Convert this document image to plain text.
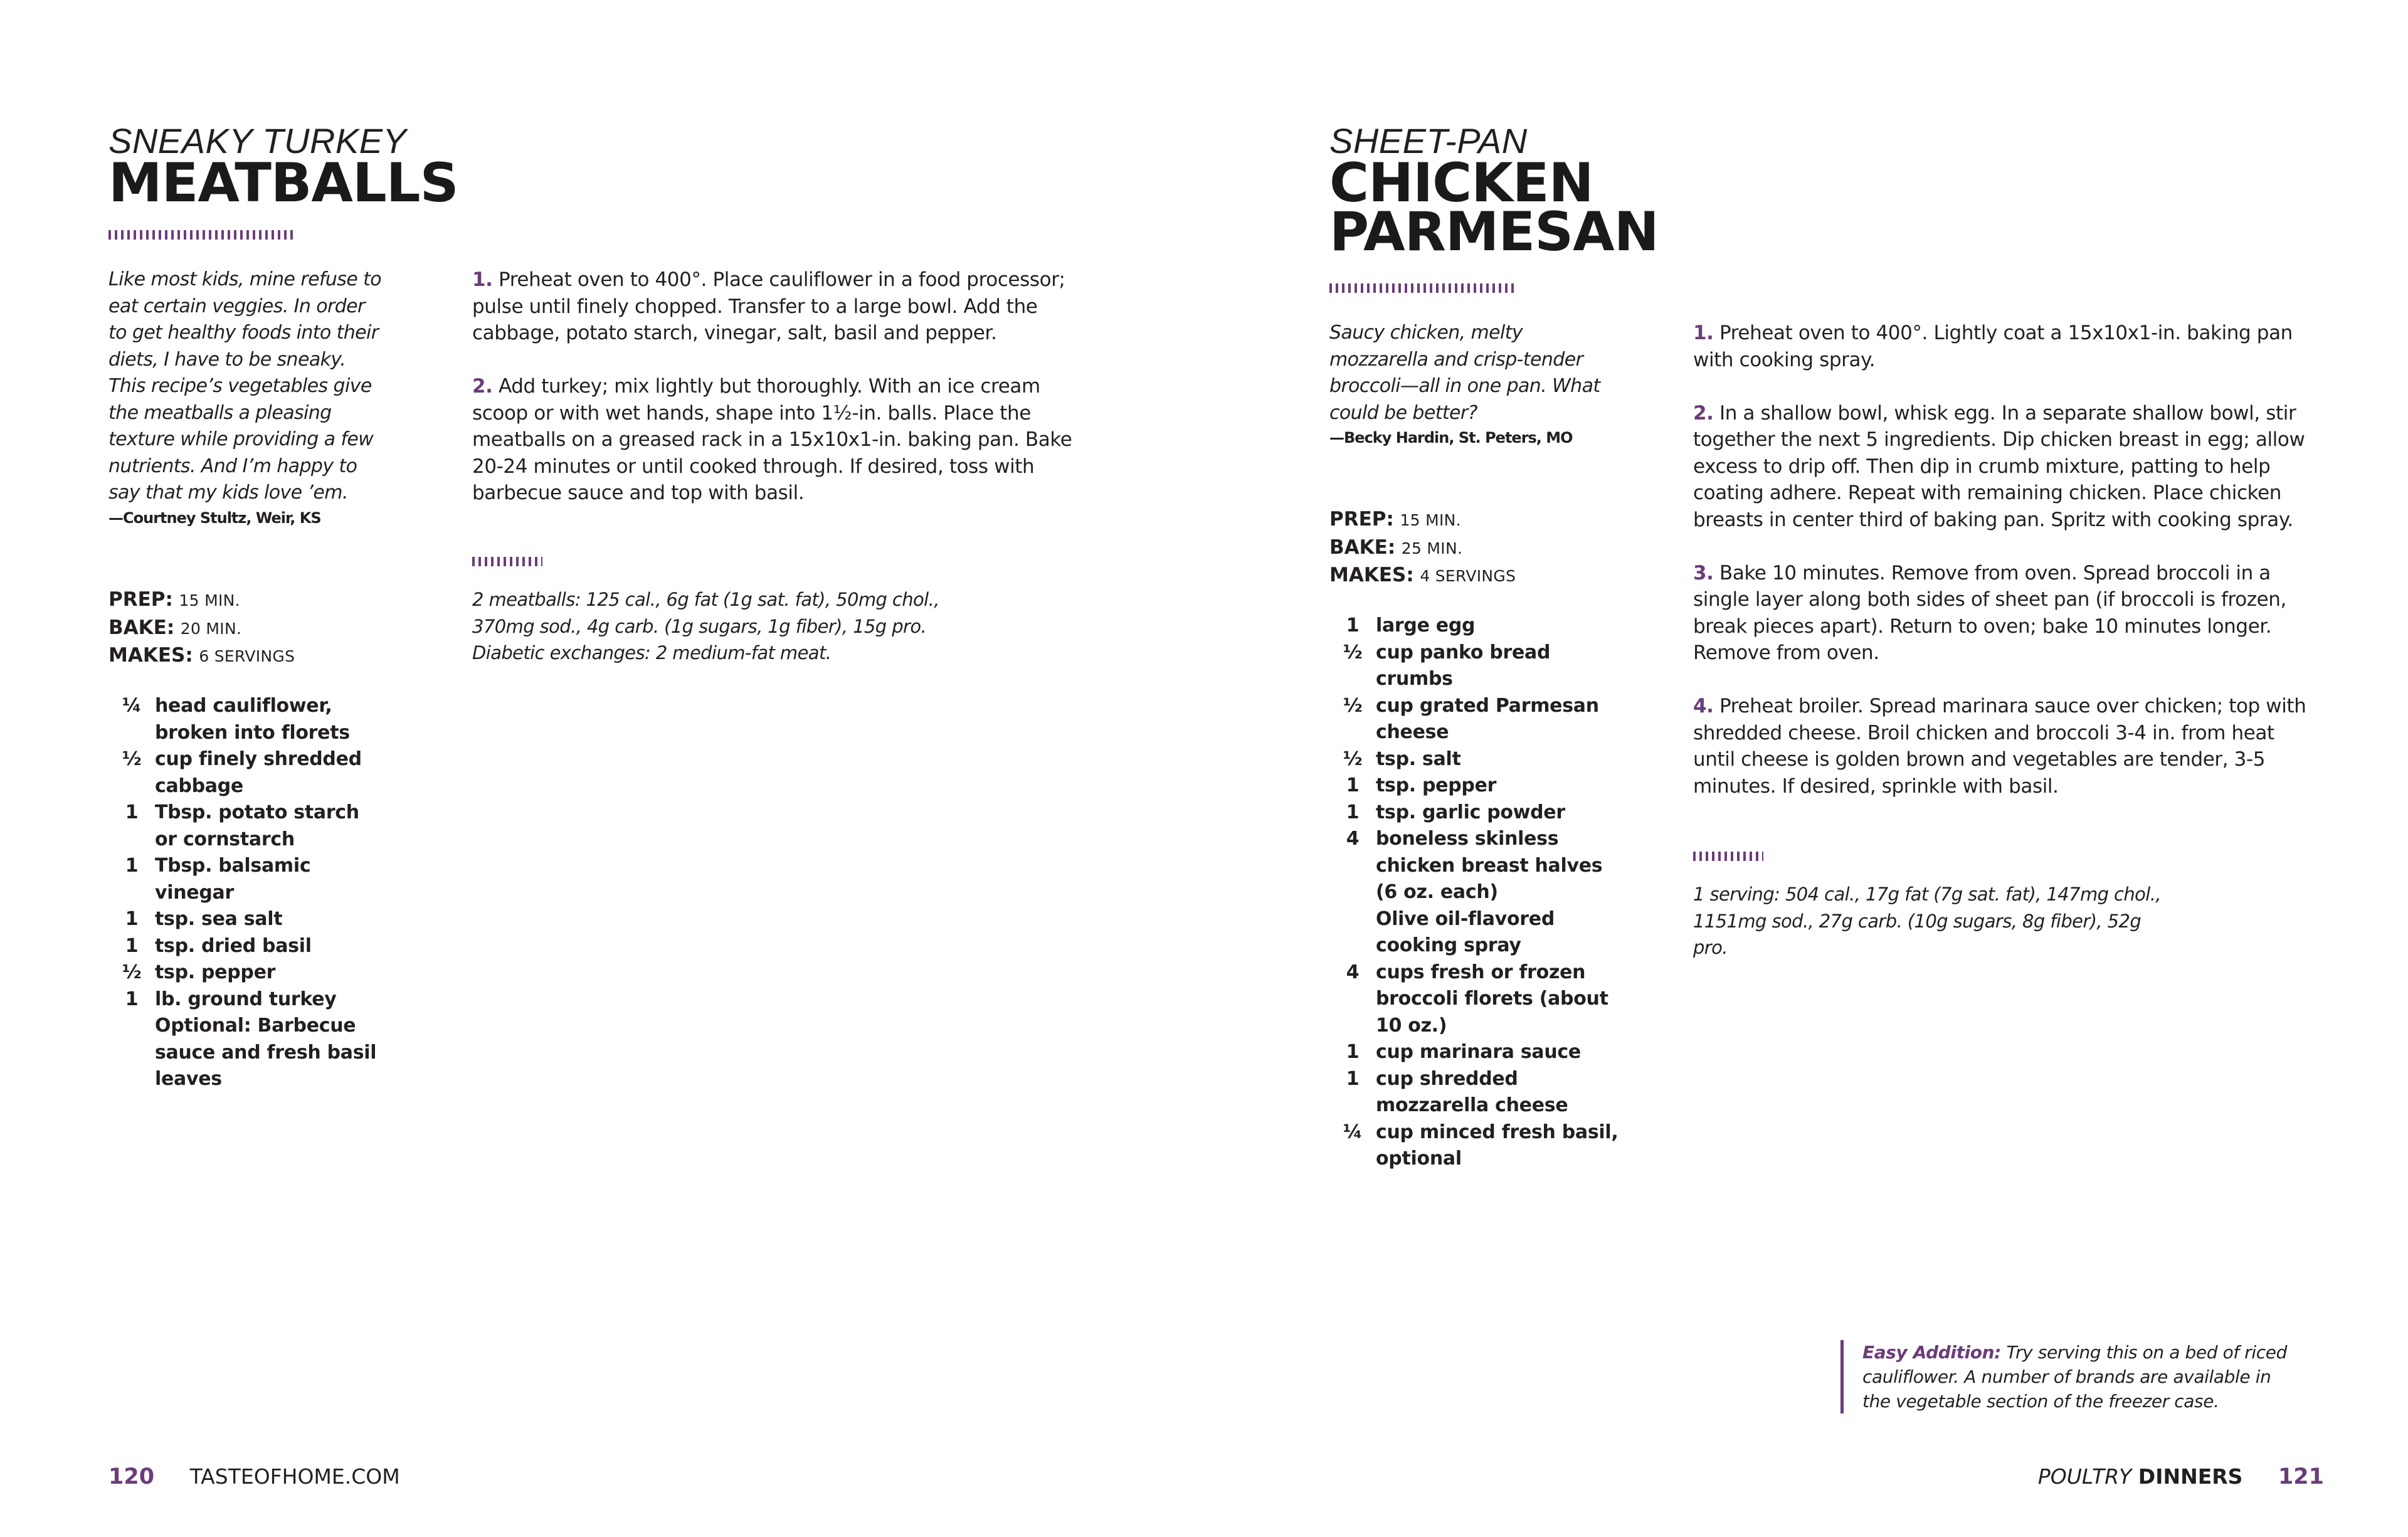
SNEAKY TURKEY
MEATBALLS
Like most kids, mine refuse to eat certain veggies. In order to get healthy foods into their diets, I have to be sneaky. This recipe’s vegetables give the meatballs a pleasing texture while providing a few nutrients. And I’m happy to say that my kids love ’em.
—Courtney Stultz, Weir, KS
PREP: 15 MIN.
BAKE: 20 MIN.
MAKES: 6 SERVINGS
¼ head cauliflower, broken into florets
½ cup finely shredded cabbage
1 Tbsp. potato starch or cornstarch
1 Tbsp. balsamic vinegar
1 tsp. sea salt
1 tsp. dried basil
½ tsp. pepper
1 lb. ground turkey
Optional: Barbecue sauce and fresh basil leaves
1. Preheat oven to 400°. Place cauliflower in a food processor; pulse until finely chopped. Transfer to a large bowl. Add the cabbage, potato starch, vinegar, salt, basil and pepper.
2. Add turkey; mix lightly but thoroughly. With an ice cream scoop or with wet hands, shape into 1½-in. balls. Place the meatballs on a greased rack in a 15x10x1-in. baking pan. Bake 20-24 minutes or until cooked through. If desired, toss with barbecue sauce and top with basil.
2 meatballs: 125 cal., 6g fat (1g sat. fat), 50mg chol., 370mg sod., 4g carb. (1g sugars, 1g fiber), 15g pro. Diabetic exchanges: 2 medium-fat meat.
120 TASTEOFHOME.COM
SHEET-PAN
CHICKEN
PARMESAN
Saucy chicken, melty mozzarella and crisp-tender broccoli—all in one pan. What could be better?
—Becky Hardin, St. Peters, MO
PREP: 15 MIN.
BAKE: 25 MIN.
MAKES: 4 SERVINGS
1 large egg
½ cup panko bread crumbs
½ cup grated Parmesan cheese
½ tsp. salt
1 tsp. pepper
1 tsp. garlic powder
4 boneless skinless chicken breast halves (6 oz. each)
Olive oil-flavored cooking spray
4 cups fresh or frozen broccoli florets (about 10 oz.)
1 cup marinara sauce
1 cup shredded mozzarella cheese
¼ cup minced fresh basil, optional
1. Preheat oven to 400°. Lightly coat a 15x10x1-in. baking pan with cooking spray.
2. In a shallow bowl, whisk egg. In a separate shallow bowl, stir together the next 5 ingredients. Dip chicken breast in egg; allow excess to drip off. Then dip in crumb mixture, patting to help coating adhere. Repeat with remaining chicken. Place chicken breasts in center third of baking pan. Spritz with cooking spray.
3. Bake 10 minutes. Remove from oven. Spread broccoli in a single layer along both sides of sheet pan (if broccoli is frozen, break pieces apart). Return to oven; bake 10 minutes longer. Remove from oven.
4. Preheat broiler. Spread marinara sauce over chicken; top with shredded cheese. Broil chicken and broccoli 3-4 in. from heat until cheese is golden brown and vegetables are tender, 3-5 minutes. If desired, sprinkle with basil.
1 serving: 504 cal., 17g fat (7g sat. fat), 147mg chol., 1151mg sod., 27g carb. (10g sugars, 8g fiber), 52g pro.
Easy Addition: Try serving this on a bed of riced cauliflower. A number of brands are available in the vegetable section of the freezer case.
POULTRY DINNERS 121
